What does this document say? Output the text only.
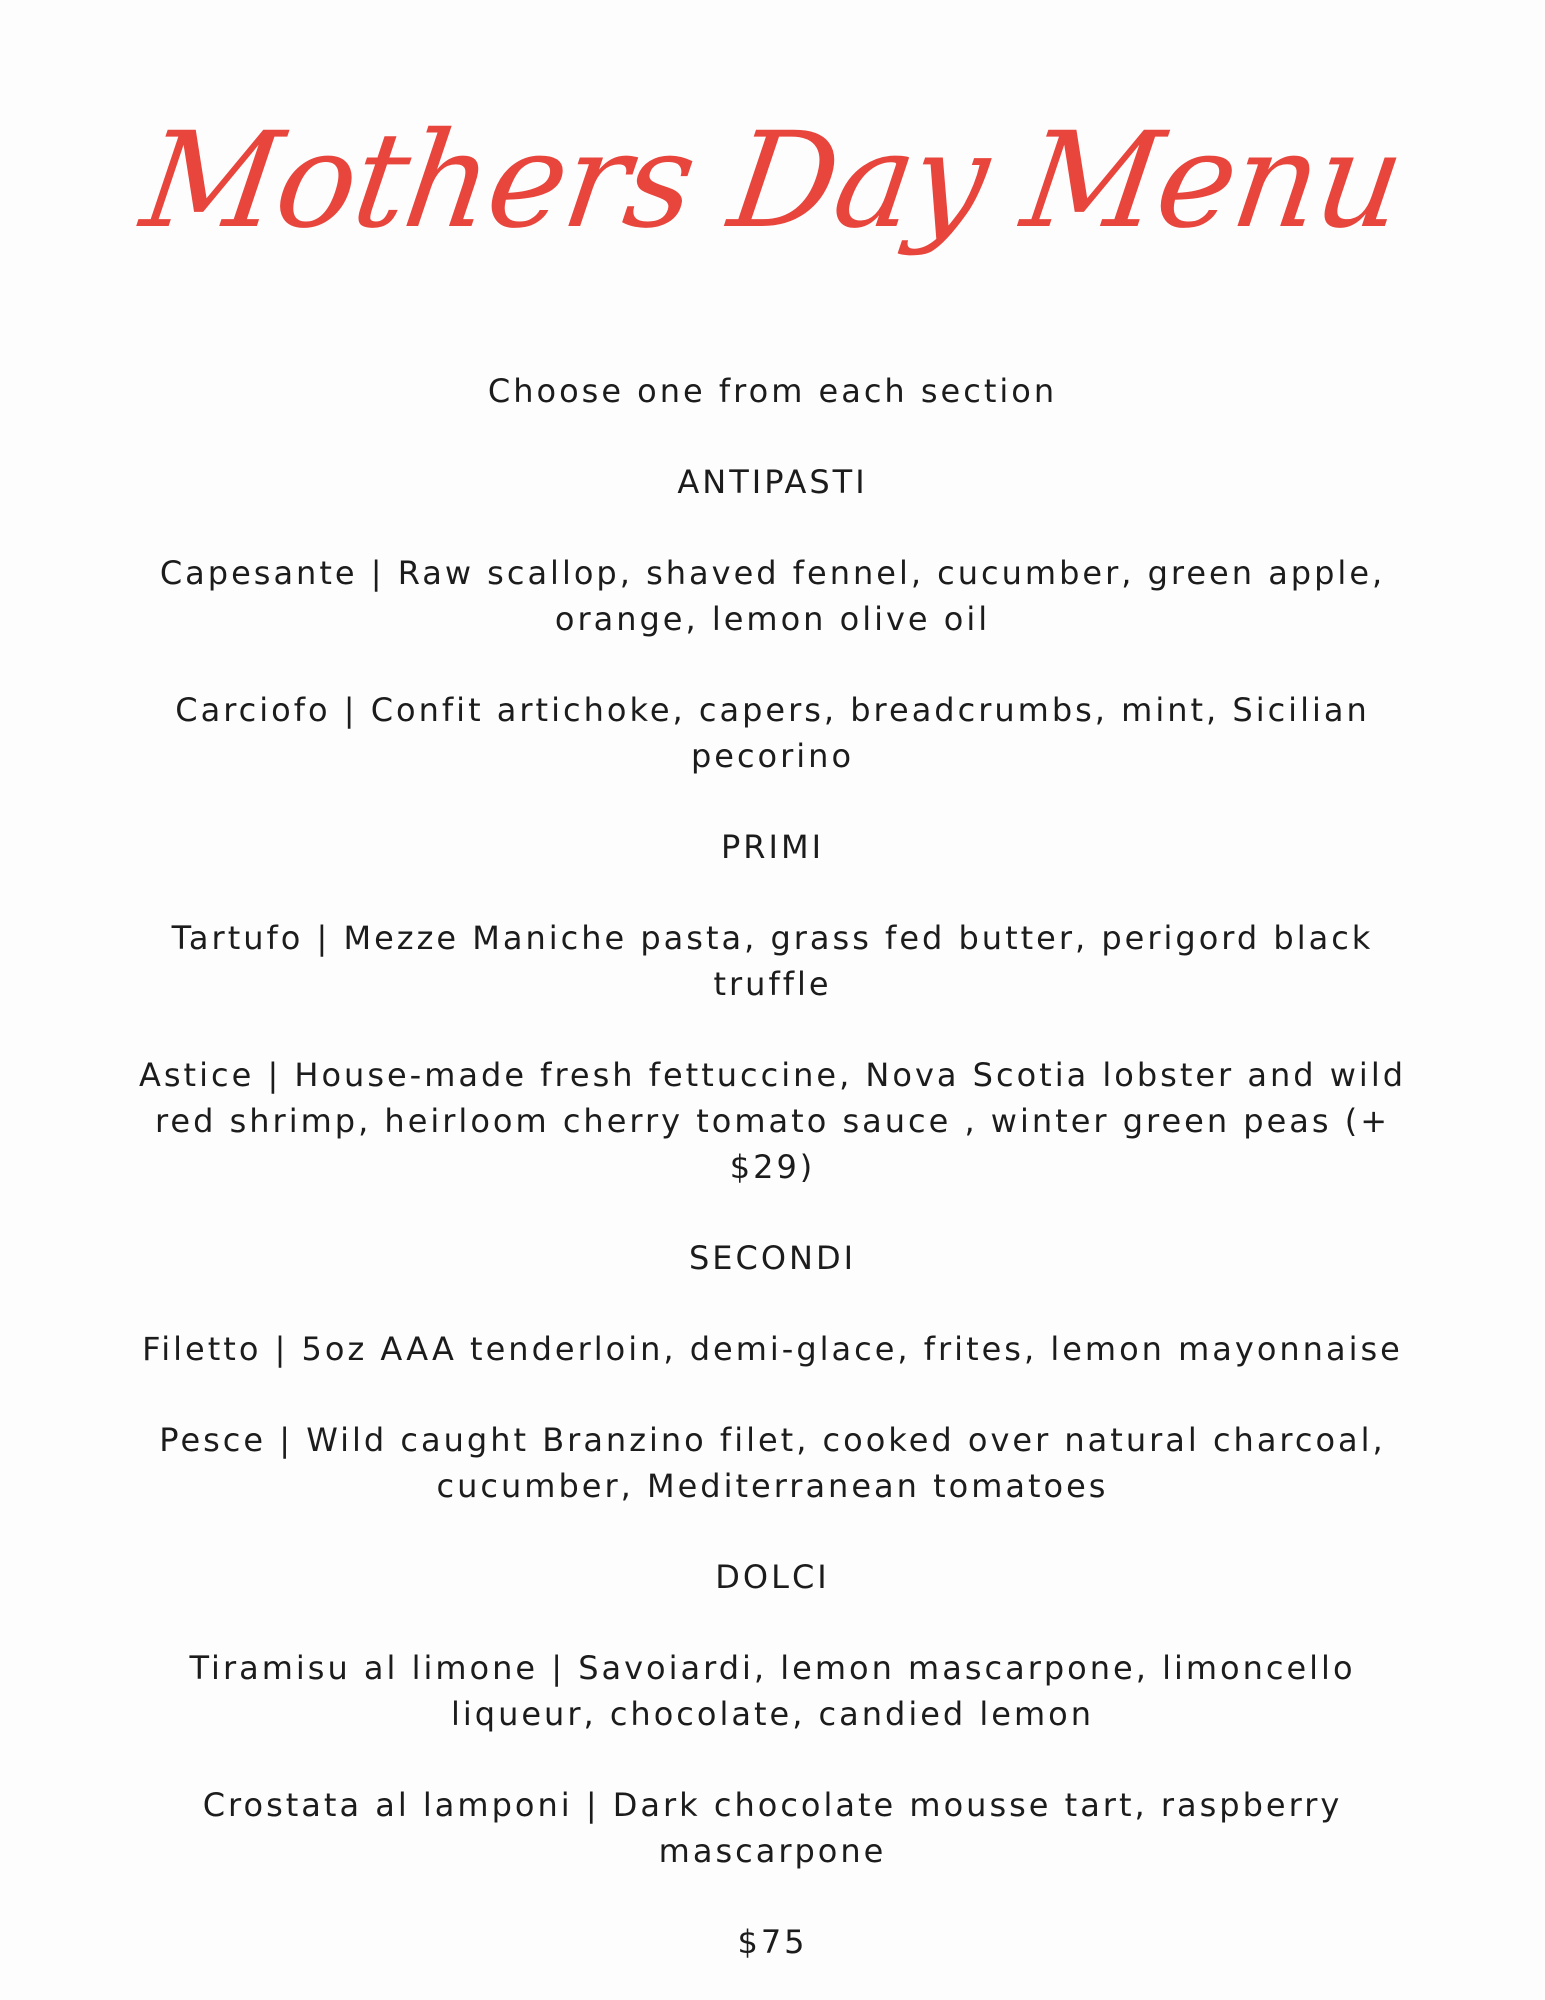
Mothers Day Menu

Choose one from each section

ANTIPASTI

Capesante | Raw scallop, shaved fennel, cucumber, green apple,

orange, lemon olive oil

Carciofo | Confit artichoke, capers, breadcrumbs, mint, Sicilian

pecorino

PRIMI

Tartufo | Mezze Maniche pasta, grass fed butter, perigord black

truffle

Astice | House-made fresh fettuccine, Nova Scotia lobster and wild

red shrimp, heirloom cherry tomato sauce , winter green peas (+

$29)

SECONDI

Filetto | 5oz AAA tenderloin, demi-glace, frites, lemon mayonnaise

Pesce | Wild caught Branzino filet, cooked over natural charcoal,

cucumber, Mediterranean tomatoes

DOLCI

Tiramisu al limone | Savoiardi, lemon mascarpone, limoncello

liqueur, chocolate, candied lemon

Crostata al lamponi | Dark chocolate mousse tart, raspberry

mascarpone

$75
